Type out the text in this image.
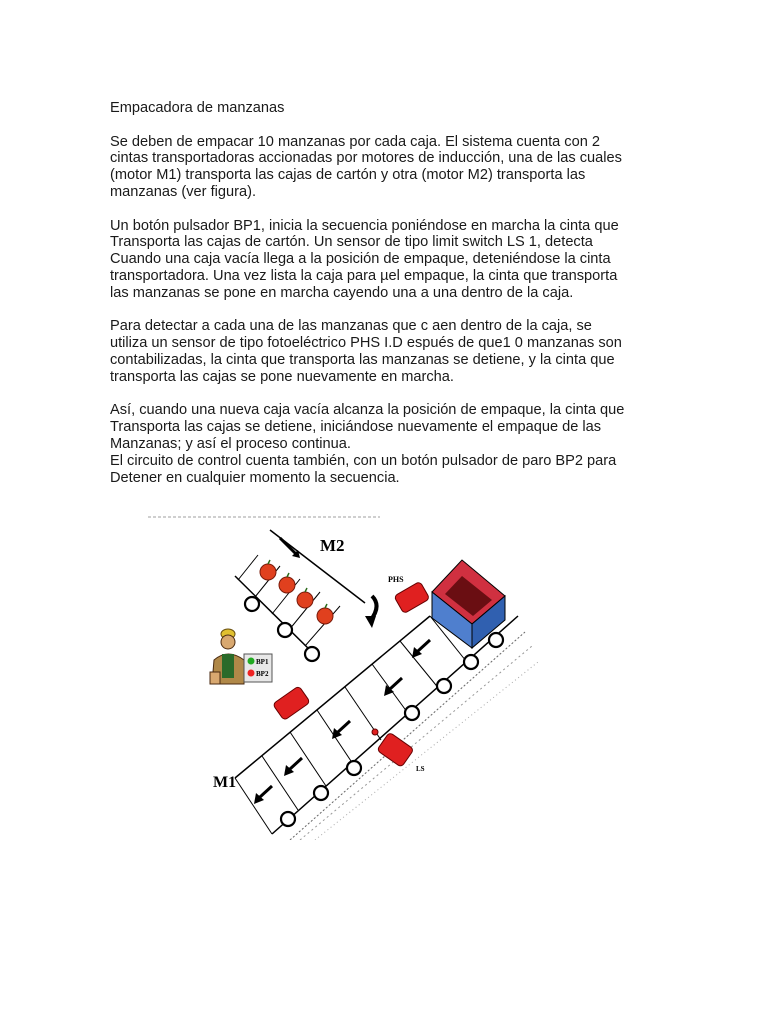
Empacadora de manzanas

Se deben de empacar 10 manzanas por cada caja. El sistema cuenta con 2
cintas transportadoras accionadas por motores de inducción, una de las cuales
(motor M1) transporta las cajas de cartón y otra (motor M2) transporta las
manzanas (ver figura).

Un botón pulsador BP1, inicia la secuencia poniéndose en marcha la cinta que
Transporta las cajas de cartón. Un sensor de tipo limit switch LS 1, detecta
Cuando una caja vacía llega a la posición de empaque, deteniéndose la cinta
transportadora. Una vez lista la caja para µel empaque, la cinta que transporta
las manzanas se pone en marcha cayendo una a una dentro de la caja.

Para detectar a cada una de las manzanas que c aen dentro de la caja, se
utiliza un sensor de tipo fotoeléctrico PHS I.D espués de que1 0 manzanas son
contabilizadas, la cinta que transporta las manzanas se detiene, y la cinta que
transporta las cajas se pone nuevamente en marcha.

Así, cuando una nueva caja vacía alcanza la posición de empaque, la cinta que
Transporta las cajas se detiene, iniciándose nuevamente el empaque de las
Manzanas; y así el proceso continua.
El circuito de control cuenta también, con un botón pulsador de paro BP2 para
Detener en cualquier momento la secuencia.

M2
PHS
BP1
BP2
LS
M1
